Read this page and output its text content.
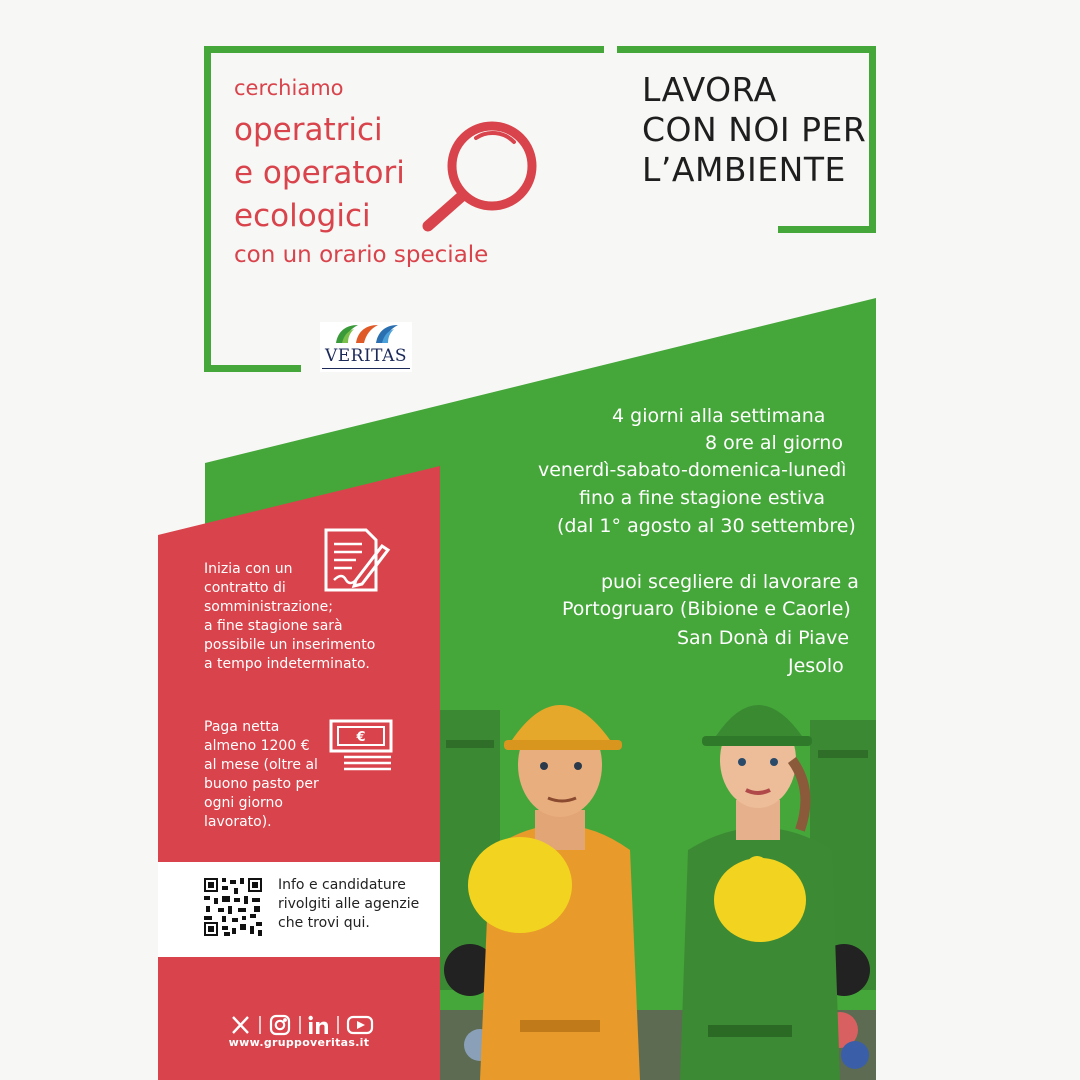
cerchiamo
operatrici
e operatori
ecologici
con un orario speciale
LAVORA
CON NOI PER
L’AMBIENTE
VERITAS
4 giorni alla settimana
8 ore al giorno
venerdì-sabato-domenica-lunedì
fino a fine stagione estiva
(dal 1° agosto al 30 settembre)
puoi scegliere di lavorare a
Portogruaro (Bibione e Caorle)
San Donà di Piave
Jesolo
Inizia con un
contratto di
somministrazione;
a fine stagione sarà
possibile un inserimento
a tempo indeterminato.
€
Paga netta
almeno 1200 €
al mese (oltre al
buono pasto per
ogni giorno lavorato).
Info e candidature
rivolgiti alle agenzie
che trovi qui.
www.gruppoveritas.it
